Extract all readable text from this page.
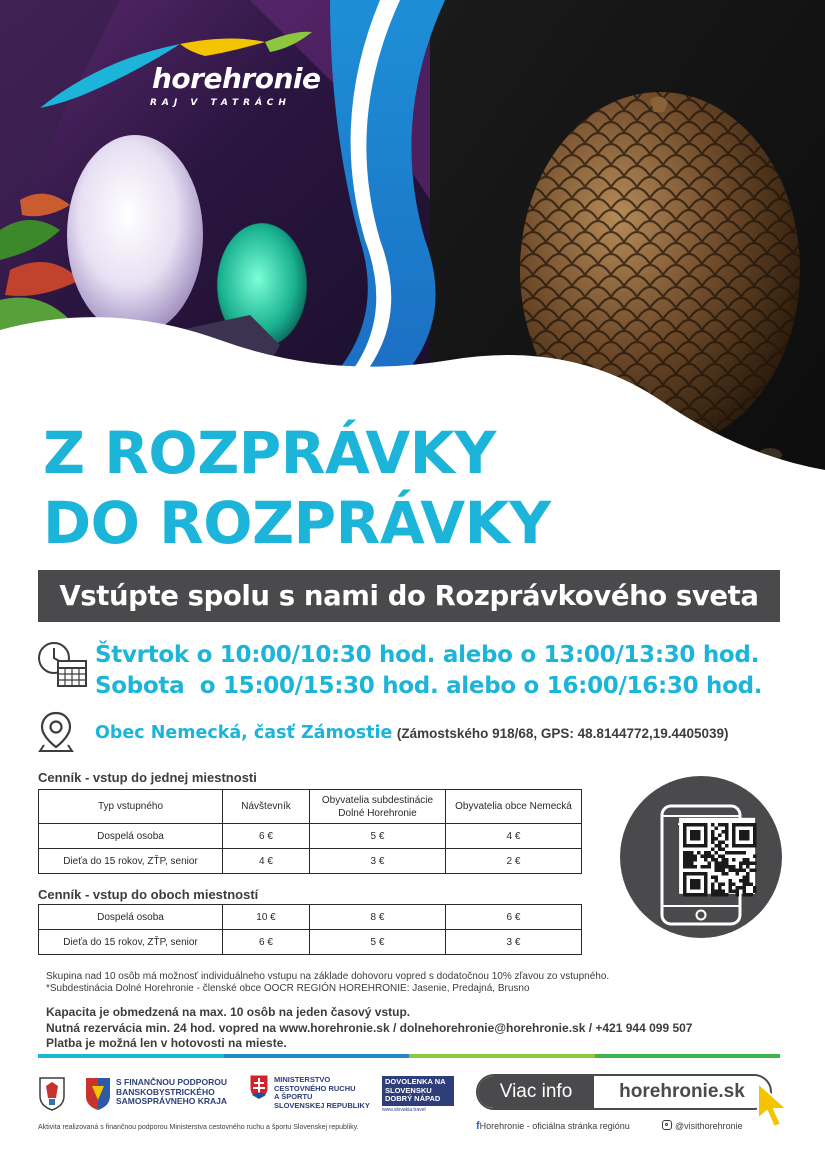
horehronie
RAJ V TATRÁCH
Z ROZPRÁVKY
DO ROZPRÁVKY
Vstúpte spolu s nami do Rozprávkového sveta
Štvrtok o 10:00/10:30 hod. alebo o 13:00/13:30 hod.
Sobota  o 15:00/15:30 hod. alebo o 16:00/16:30 hod.
Obec Nemecká, časť Zámostie (Zámostského 918/68, GPS: 48.8144772,19.4405039)
Cenník - vstup do jednej miestnosti
Typ vstupného	Návštevník	Obyvatelia subdestinácie Dolné Horehronie	Obyvatelia obce Nemecká
Dospelá osoba	6 €	5 €	4 €
Dieťa do 15 rokov, ZŤP, senior	4 €	3 €	2 €
Cenník - vstup do oboch miestností
Dospelá osoba	10 €	8 €	6 €
Dieťa do 15 rokov, ZŤP, senior	6 €	5 €	3 €
Skupina nad 10 osôb má možnosť individuálneho vstupu na základe dohovoru vopred s dodatočnou 10% zľavou zo vstupného.
*Subdestinácia Dolné Horehronie - členské obce OOCR REGIÓN HOREHRONIE: Jasenie, Predajná, Brusno
Kapacita je obmedzená na max. 10 osôb na jeden časový vstup.
Nutná rezervácia min. 24 hod. vopred na www.horehronie.sk / dolnehorehronie@horehronie.sk / +421 944 099 507
Platba je možná len v hotovosti na mieste.
S FINANČNOU PODPOROU
BANSKOBYSTRICKÉHO
SAMOSPRÁVNEHO KRAJA
MINISTERSTVO
CESTOVNÉHO RUCHU
A ŠPORTU
SLOVENSKEJ REPUBLIKY
DOVOLENKA NA
SLOVENSKU
DOBRÝ NÁPAD
www.slovakia.travel
Aktivita realizovaná s finančnou podporou Ministerstva cestovného ruchu a športu Slovenskej republiky.
Viac info	horehronie.sk
fHorehronie - oficiálna stránka regiónu	@visithorehronie
